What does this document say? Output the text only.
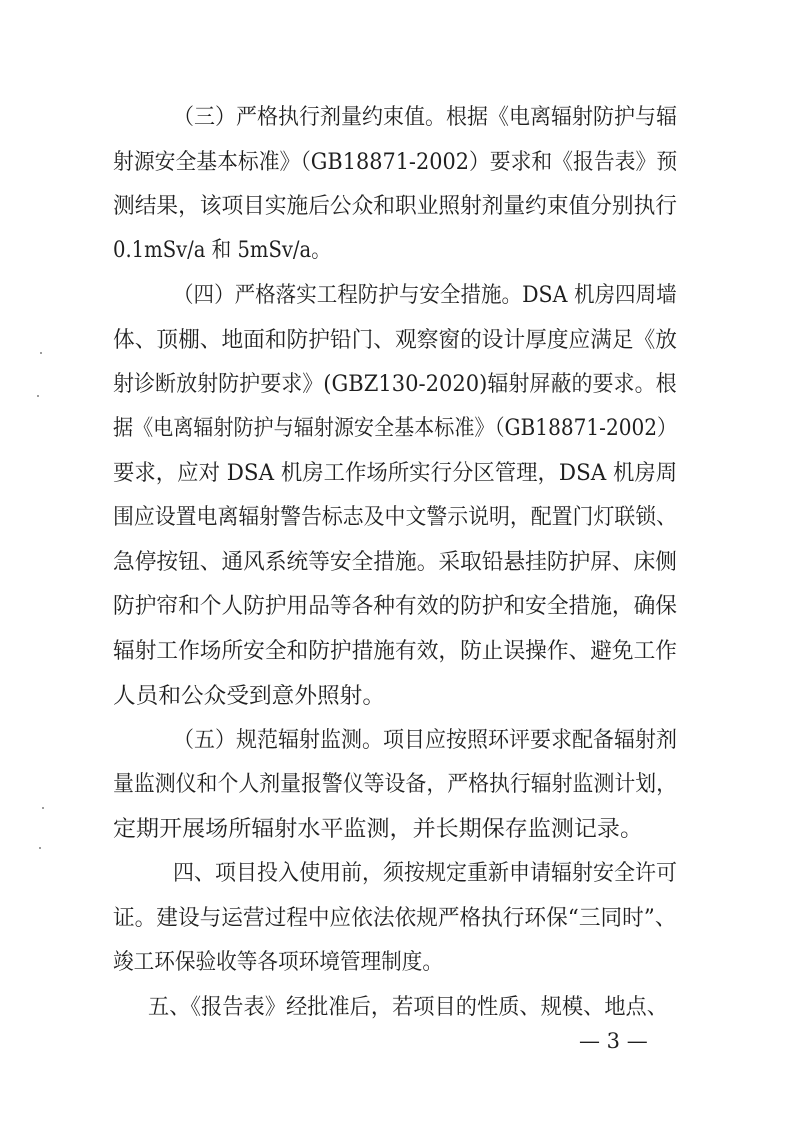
（三）严格执行剂量约束值。根据《电离辐射防护与辐
射源安全基本标准》（GB18871-2002）要求和《报告表》预
测结果，该项目实施后公众和职业照射剂量约束值分别执行
0.1mSv/a 和 5mSv/a。
（四）严格落实工程防护与安全措施。DSA 机房四周墙
体、顶棚、地面和防护铅门、观察窗的设计厚度应满足《放
射诊断放射防护要求》(GBZ130-2020)辐射屏蔽的要求。根
据《电离辐射防护与辐射源安全基本标准》（GB18871-2002）
要求，应对 DSA 机房工作场所实行分区管理，DSA 机房周
围应设置电离辐射警告标志及中文警示说明，配置门灯联锁、
急停按钮、通风系统等安全措施。采取铅悬挂防护屏、床侧
防护帘和个人防护用品等各种有效的防护和安全措施，确保
辐射工作场所安全和防护措施有效，防止误操作、避免工作
人员和公众受到意外照射。
（五）规范辐射监测。项目应按照环评要求配备辐射剂
量监测仪和个人剂量报警仪等设备，严格执行辐射监测计划，
定期开展场所辐射水平监测，并长期保存监测记录。
四、项目投入使用前，须按规定重新申请辐射安全许可
证。建设与运营过程中应依法依规严格执行环保“三同时”、
竣工环保验收等各项环境管理制度。
五、《报告表》经批准后，若项目的性质、规模、地点、
— 3 —
